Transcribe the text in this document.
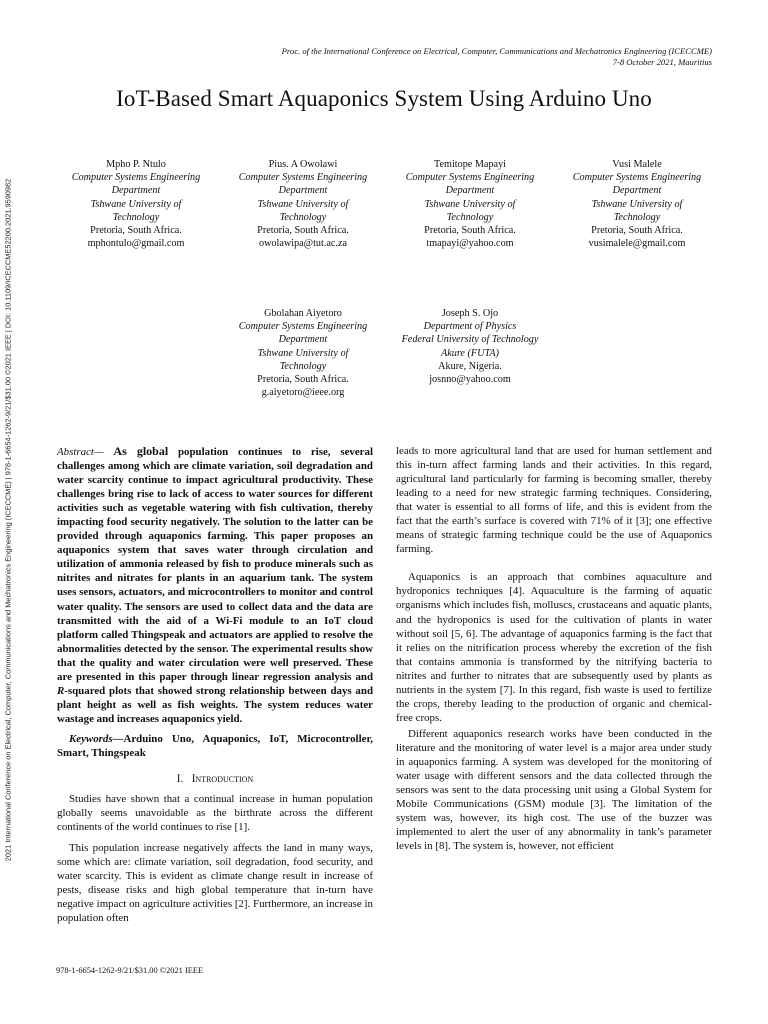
2021 International Conference on Electrical, Computer, Communications and Mechatronics Engineering (ICECCME) | 978-1-6654-1262-9/21/$31.00 ©2021 IEEE | DOI: 10.1109/ICECCME52200.2021.9590982
Proc. of the International Conference on Electrical, Computer, Communications and Mechatronics Engineering (ICECCME)
7-8 October 2021, Mauritius
IoT-Based Smart Aquaponics System Using Arduino Uno
Mpho P. Ntulo
Computer Systems Engineering
Department
Tshwane University of
Technology
Pretoria, South Africa.
mphontulo@gmail.com
Pius. A Owolawi
Computer Systems Engineering
Department
Tshwane University of
Technology
Pretoria, South Africa.
owolawipa@tut.ac.za
Temitope Mapayi
Computer Systems Engineering
Department
Tshwane University of
Technology
Pretoria, South Africa.
tmapayi@yahoo.com
Vusi Malele
Computer Systems Engineering
Department
Tshwane University of
Technology
Pretoria, South Africa.
vusimalele@gmail.com
Gbolahan Aiyetoro
Computer Systems Engineering
Department
Tshwane University of
Technology
Pretoria, South Africa.
g.aiyetoro@ieee.org
Joseph S. Ojo
Department of Physics
Federal University of Technology
Akure (FUTA)
Akure, Nigeria.
josnno@yahoo.com

Abstract— As global population continues to rise, several challenges among which are climate variation, soil degradation and water scarcity continue to impact agricultural productivity. These challenges bring rise to lack of access to water sources for different activities such as vegetable watering with fish cultivation, thereby impacting food security negatively. The solution to the latter can be provided through aquaponics farming. This paper proposes an aquaponics system that saves water through circulation and utilization of ammonia released by fish to produce minerals such as nitrites and nitrates for plants in an aquarium tank. The system uses sensors, actuators, and microcontrollers to monitor and control water quality. The sensors are used to collect data and the data are transmitted with the aid of a Wi-Fi module to an IoT cloud platform called Thingspeak and actuators are applied to resolve the abnormalities detected by the sensor. The experimental results show that the quality and water circulation were well preserved. These are presented in this paper through linear regression analysis and R-squared plots that showed strong relationship between days and plant height as well as fish weights. The system reduces water wastage and increases aquaponics yield.

Keywords—Arduino Uno, Aquaponics, IoT, Microcontroller, Smart, Thingspeak

I. Introduction

Studies have shown that a continual increase in human population globally seems unavoidable as the birthrate across the different continents of the world continues to rise [1].

This population increase negatively affects the land in many ways, some which are: climate variation, soil degradation, food security, and water scarcity. This is evident as climate change result in increase of pests, disease risks and high global temperature that in-turn have negative impact on agriculture activities [2]. Furthermore, an increase in population often

leads to more agricultural land that are used for human settlement and this in-turn affect farming lands and their activities. In this regard, agricultural land particularly for farming is becoming smaller, thereby leading to a need for new strategic farming techniques. Considering, that water is essential to all forms of life, and this is evident from the fact that the earth’s surface is covered with 71% of it [3]; one effective means of strategic farming technique could be the use of Aquaponics farming.

Aquaponics is an approach that combines aquaculture and hydroponics techniques [4]. Aquaculture is the farming of aquatic organisms which includes fish, molluscs, crustaceans and aquatic plants, and the hydroponics is used for the cultivation of plants in water without soil [5, 6]. The advantage of aquaponics farming is the fact that it relies on the nitrification process whereby the excretion of the fish that contains ammonia is transformed by the nitrifying bacteria to nitrites and further to nitrates that are subsequently used by plants as nutrients in the system [7]. In this regard, fish waste is used to fertilize the crops, thereby leading to the production of organic and chemical-free crops.

Different aquaponics research works have been conducted in the literature and the monitoring of water level is a major area under study in aquaponics farming. A system was developed for the monitoring of water usage with different sensors and the data collected through the sensors was sent to the data processing unit using a Global System for Mobile Communications (GSM) module [3]. The limitation of the system was, however, its high cost. The use of the buzzer was implemented to alert the user of any abnormality in tank’s parameter levels in [8]. The system is, however, not efficient

978-1-6654-1262-9/21/$31.00 ©2021 IEEE
